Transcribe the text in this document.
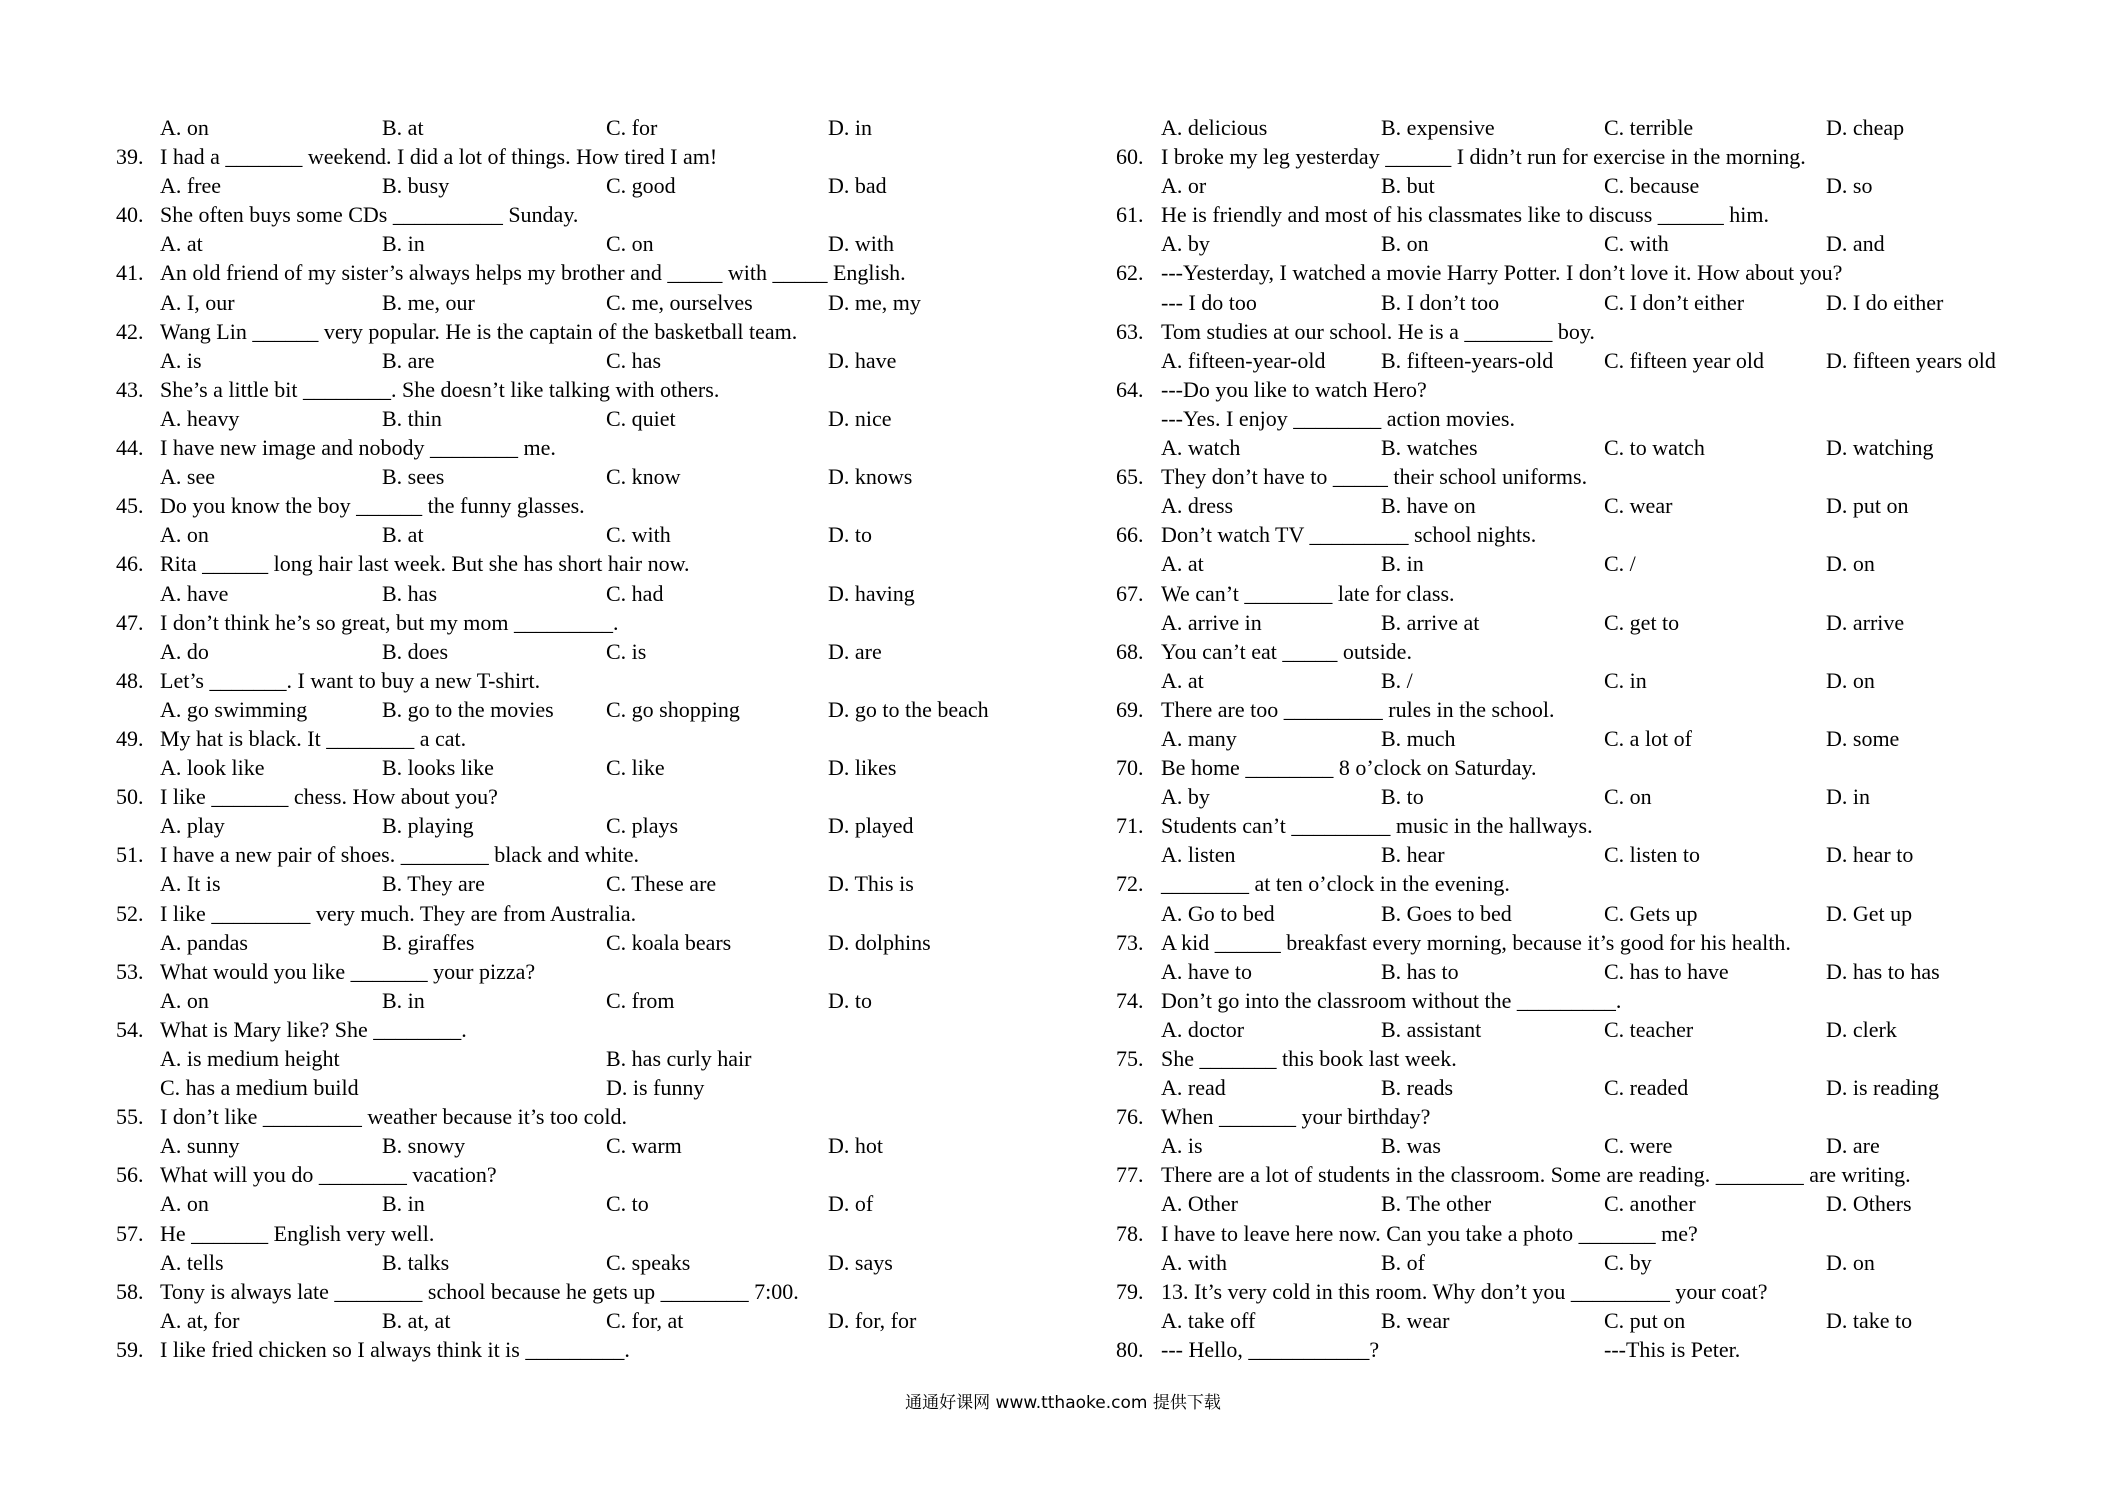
A. on	B. at	C. for	D. in
39. I had a _______ weekend. I did a lot of things. How tired I am!
A. free	B. busy	C. good	D. bad
40. She often buys some CDs __________ Sunday.
A. at	B. in	C. on	D. with
41. An old friend of my sister’s always helps my brother and _____ with _____ English.
A. I, our	B. me, our	C. me, ourselves	D. me, my
42. Wang Lin ______ very popular. He is the captain of the basketball team.
A. is	B. are	C. has	D. have
43. She’s a little bit ________. She doesn’t like talking with others.
A. heavy	B. thin	C. quiet	D. nice
44. I have new image and nobody ________ me.
A. see	B. sees	C. know	D. knows
45. Do you know the boy ______ the funny glasses.
A. on	B. at	C. with	D. to
46. Rita ______ long hair last week. But she has short hair now.
A. have	B. has	C. had	D. having
47. I don’t think he’s so great, but my mom _________.
A. do	B. does	C. is	D. are
48. Let’s _______. I want to buy a new T-shirt.
A. go swimming	B. go to the movies C. go shopping	D. go to the beach
49. My hat is black. It ________ a cat.
A. look like	B. looks like	C. like	D. likes
50. I like _______ chess. How about you?
A. play	B. playing	C. plays	D. played
51. I have a new pair of shoes. ________ black and white.
A. It is	B. They are	C. These are	D. This is
52. I like _________ very much. They are from Australia.
A. pandas	B. giraffes	C. koala bears	D. dolphins
53. What would you like _______ your pizza?
A. on	B. in	C. from	D. to
54. What is Mary like? She ________.
A. is medium height	B. has curly hair
C. has a medium build	D. is funny
55. I don’t like _________ weather because it’s too cold.
A. sunny	B. snowy	C. warm	D. hot
56. What will you do ________ vacation?
A. on	B. in	C. to	D. of
57. He _______ English very well.
A. tells	B. talks	C. speaks	D. says
58. Tony is always late ________ school because he gets up ________ 7:00.
A. at, for	B. at, at	C. for, at	D. for, for
59. I like fried chicken so I always think it is _________.
A. delicious	B. expensive	C. terrible	D. cheap
60. I broke my leg yesterday ______ I didn’t run for exercise in the morning.
A. or	B. but	C. because	D. so
61. He is friendly and most of his classmates like to discuss ______ him.
A. by	B. on	C. with	D. and
62. ---Yesterday, I watched a movie Harry Potter. I don’t love it. How about you?
--- I do too	B. I don’t too	C. I don’t either	D. I do either
63. Tom studies at our school. He is a ________ boy.
A. fifteen-year-old	B. fifteen-years-old C. fifteen year old	D. fifteen years old
64. ---Do you like to watch Hero?
---Yes. I enjoy ________ action movies.
A. watch	B. watches	C. to watch	D. watching
65. They don’t have to _____ their school uniforms.
A. dress	B. have on	C. wear	D. put on
66. Don’t watch TV _________ school nights.
A. at	B. in	C. /	D. on
67. We can’t ________ late for class.
A. arrive in	B. arrive at	C. get to	D. arrive
68. You can’t eat _____ outside.
A. at	B. /	C. in	D. on
69. There are too _________ rules in the school.
A. many	B. much	C. a lot of	D. some
70. Be home ________ 8 o’clock on Saturday.
A. by	B. to	C. on	D. in
71. Students can’t _________ music in the hallways.
A. listen	B. hear	C. listen to	D. hear to
72. ________ at ten o’clock in the evening.
A. Go to bed	B. Goes to bed	C. Gets up	D. Get up
73. A kid ______ breakfast every morning, because it’s good for his health.
A. have to	B. has to	C. has to have	D. has to has
74. Don’t go into the classroom without the _________.
A. doctor	B. assistant	C. teacher	D. clerk
75. She _______ this book last week.
A. read	B. reads	C. readed	D. is reading
76. When _______ your birthday?
A. is	B. was	C. were	D. are
77. There are a lot of students in the classroom. Some are reading. ________ are writing.
A. Other	B. The other	C. another	D. Others
78. I have to leave here now. Can you take a photo _______ me?
A. with	B. of	C. by	D. on
79. 13. It’s very cold in this room. Why don’t you _________ your coat?
A. take off	B. wear	C. put on	D. take to
80. --- Hello, ___________?	---This is Peter.
通通好课网 www.tthaoke.com 提供下载
